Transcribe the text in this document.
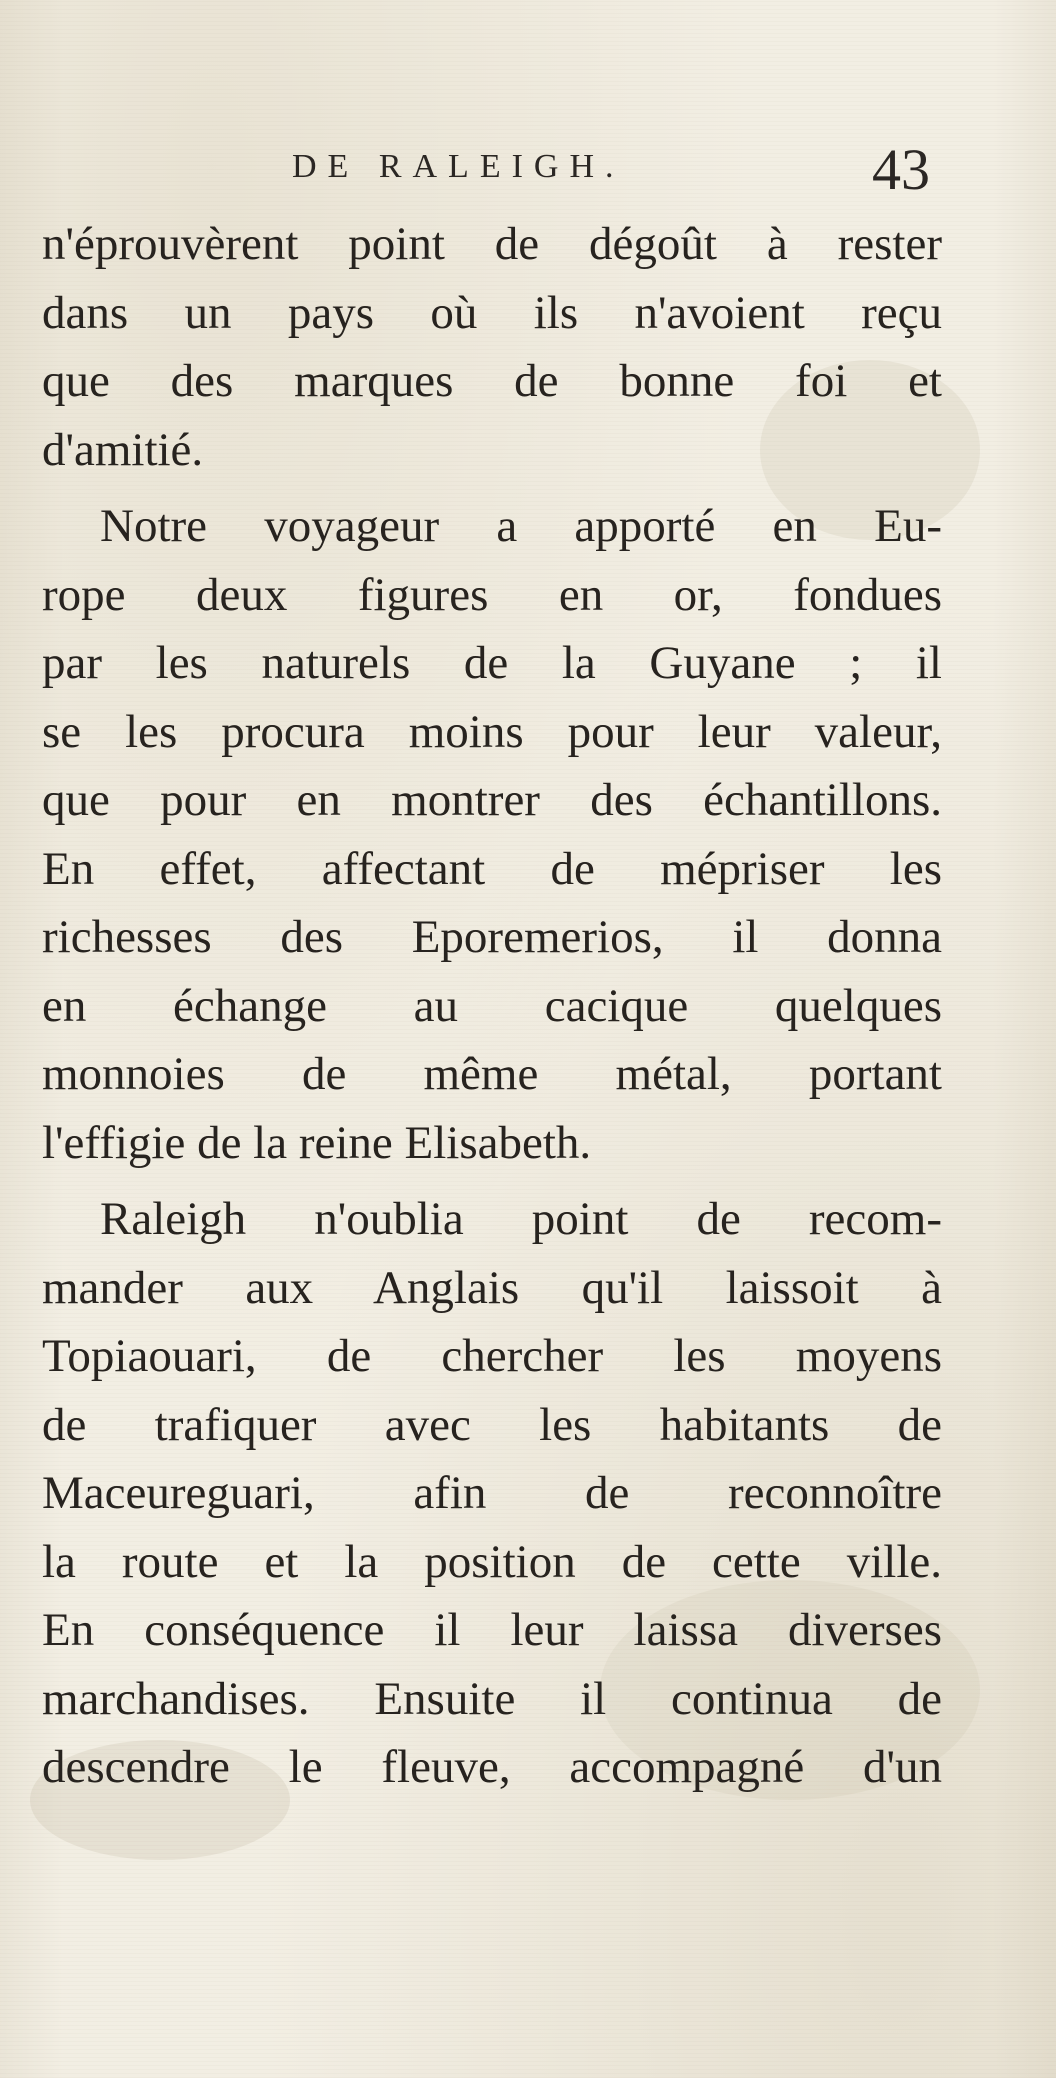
DE RALEIGH.	43
n'éprouvèrent point de dégoût à rester
dans un pays où ils n'avoient reçu
que des marques de bonne foi et
d'amitié.
Notre voyageur a apporté en Eu-
rope deux figures en or, fondues
par les naturels de la Guyane ; il
se les procura moins pour leur valeur,
que pour en montrer des échantillons.
En effet, affectant de mépriser les
richesses des Eporemerios, il donna
en échange au cacique quelques
monnoies de même métal, portant
l'effigie de la reine Elisabeth.
Raleigh n'oublia point de recom-
mander aux Anglais qu'il laissoit à
Topiaouari, de chercher les moyens
de trafiquer avec les habitants de
Maceureguari, afin de reconnoître
la route et la position de cette ville.
En conséquence il leur laissa diverses
marchandises. Ensuite il continua de
descendre le fleuve, accompagné d'un
